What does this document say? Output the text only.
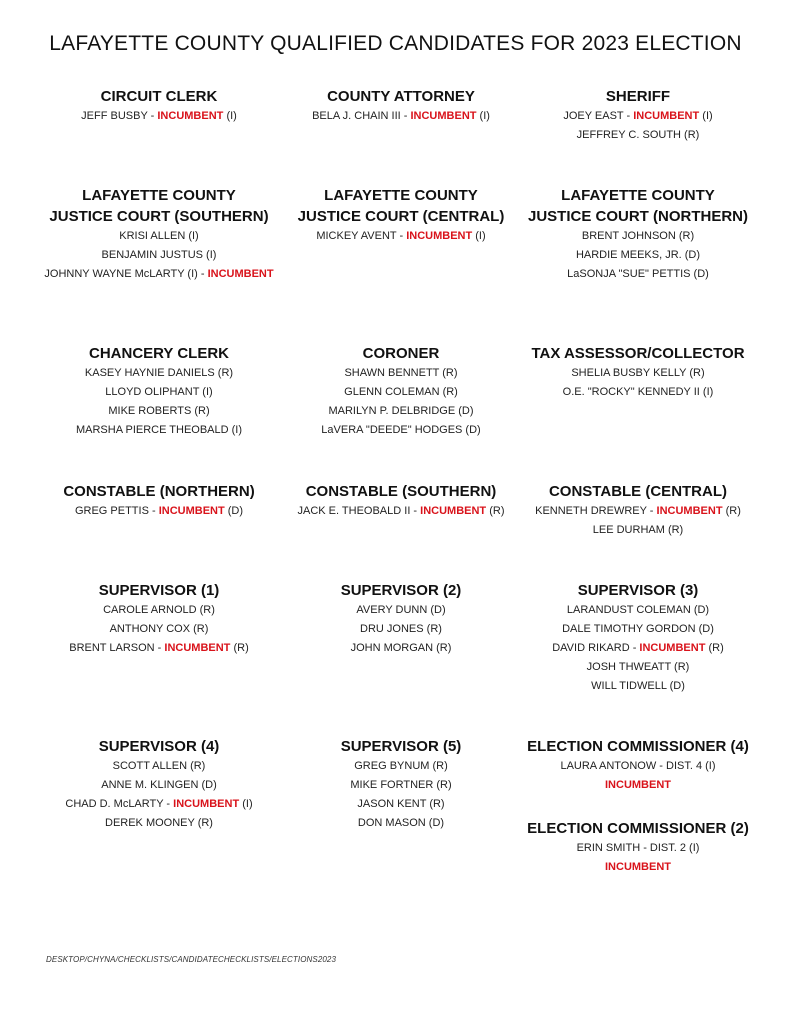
LAFAYETTE COUNTY QUALIFIED CANDIDATES FOR 2023 ELECTION
CIRCUIT CLERK
JEFF BUSBY - INCUMBENT (I)
COUNTY ATTORNEY
BELA J. CHAIN III - INCUMBENT (I)
SHERIFF
JOEY EAST - INCUMBENT (I)
JEFFREY C. SOUTH (R)
LAFAYETTE COUNTY
JUSTICE COURT (SOUTHERN)
KRISI ALLEN (I)
BENJAMIN JUSTUS (I)
JOHNNY WAYNE McLARTY (I) - INCUMBENT
LAFAYETTE COUNTY
JUSTICE COURT (CENTRAL)
MICKEY AVENT - INCUMBENT (I)
LAFAYETTE COUNTY
JUSTICE COURT (NORTHERN)
BRENT JOHNSON (R)
HARDIE MEEKS, JR. (D)
LaSONJA "SUE" PETTIS (D)
CHANCERY CLERK
KASEY HAYNIE DANIELS (R)
LLOYD OLIPHANT (I)
MIKE ROBERTS (R)
MARSHA PIERCE THEOBALD (I)
CORONER
SHAWN BENNETT (R)
GLENN COLEMAN (R)
MARILYN P. DELBRIDGE (D)
LaVERA "DEEDE" HODGES (D)
TAX ASSESSOR/COLLECTOR
SHELIA BUSBY KELLY (R)
O.E. "ROCKY" KENNEDY II (I)
CONSTABLE (NORTHERN)
GREG PETTIS - INCUMBENT (D)
CONSTABLE (SOUTHERN)
JACK E. THEOBALD II - INCUMBENT (R)
CONSTABLE (CENTRAL)
KENNETH DREWREY - INCUMBENT (R)
LEE DURHAM (R)
SUPERVISOR (1)
CAROLE ARNOLD (R)
ANTHONY COX (R)
BRENT LARSON - INCUMBENT (R)
SUPERVISOR (2)
AVERY DUNN (D)
DRU JONES (R)
JOHN MORGAN (R)
SUPERVISOR (3)
LARANDUST COLEMAN (D)
DALE TIMOTHY GORDON (D)
DAVID RIKARD - INCUMBENT (R)
JOSH THWEATT (R)
WILL TIDWELL (D)
SUPERVISOR (4)
SCOTT ALLEN (R)
ANNE M. KLINGEN (D)
CHAD D. McLARTY - INCUMBENT (I)
DEREK MOONEY (R)
SUPERVISOR (5)
GREG BYNUM (R)
MIKE FORTNER (R)
JASON KENT (R)
DON MASON (D)
ELECTION COMMISSIONER (4)
LAURA ANTONOW - DIST. 4 (I)
INCUMBENT
ELECTION COMMISSIONER (2)
ERIN SMITH - DIST. 2 (I)
INCUMBENT
DESKTOP/CHYNA/CHECKLISTS/CANDIDATECHECKLISTS/ELECTIONS2023
